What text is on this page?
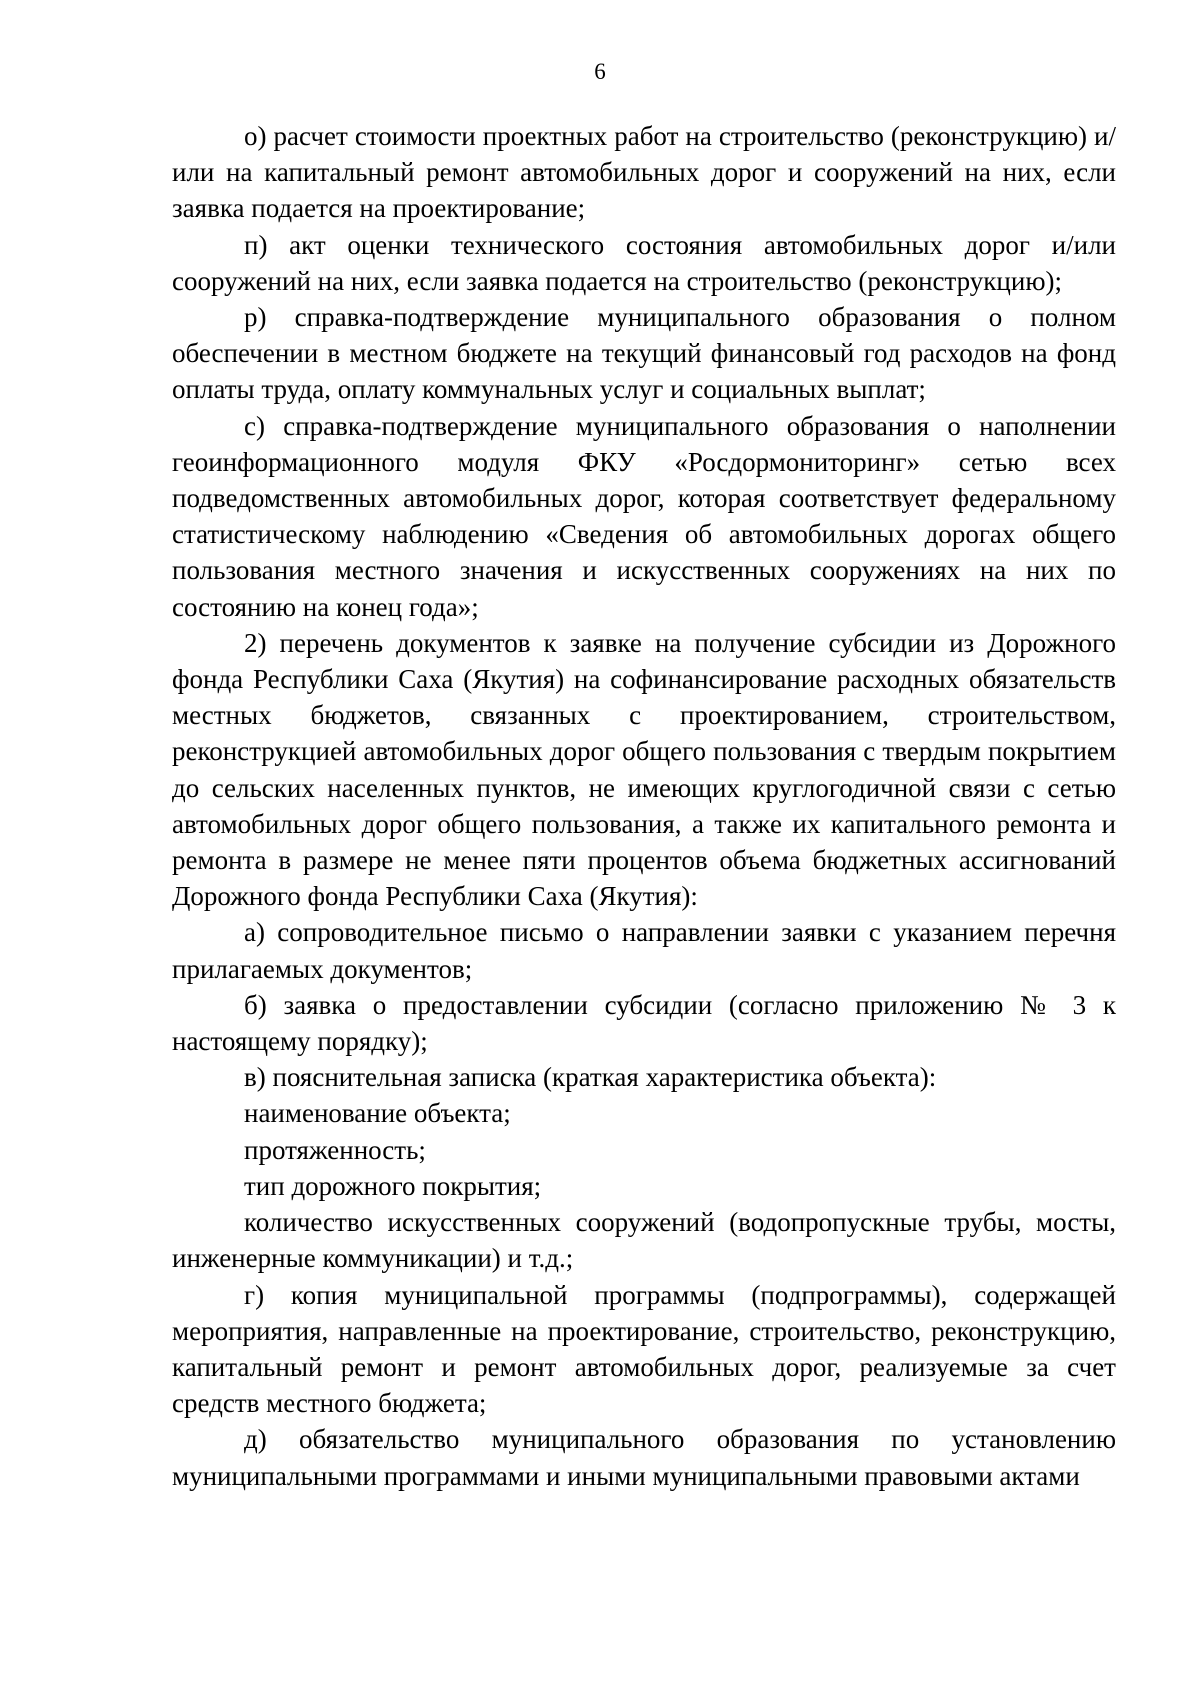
6

о) расчет стоимости проектных работ на строительство (реконструкцию) и/или на капитальный ремонт автомобильных дорог и сооружений на них, если заявка подается на проектирование;

п) акт оценки технического состояния автомобильных дорог и/или сооружений на них, если заявка подается на строительство (реконструкцию);

р) справка-подтверждение муниципального образования о полном обеспечении в местном бюджете на текущий финансовый год расходов на фонд оплаты труда, оплату коммунальных услуг и социальных выплат;

с) справка-подтверждение муниципального образования о наполнении геоинформационного модуля ФКУ «Росдормониторинг» сетью всех подведомственных автомобильных дорог, которая соответствует федеральному статистическому наблюдению «Сведения об автомобильных дорогах общего пользования местного значения и искусственных сооружениях на них по состоянию на конец года»;

2) перечень документов к заявке на получение субсидии из Дорожного фонда Республики Саха (Якутия) на софинансирование расходных обязательств местных бюджетов, связанных с проектированием, строительством, реконструкцией автомобильных дорог общего пользования с твердым покрытием до сельских населенных пунктов, не имеющих круглогодичной связи с сетью автомобильных дорог общего пользования, а также их капитального ремонта и ремонта в размере не менее пяти процентов объема бюджетных ассигнований Дорожного фонда Республики Саха (Якутия):

а) сопроводительное письмо о направлении заявки с указанием перечня прилагаемых документов;

б) заявка о предоставлении субсидии (согласно приложению № 3 к настоящему порядку);

в) пояснительная записка (краткая характеристика объекта):

наименование объекта;

протяженность;

тип дорожного покрытия;

количество искусственных сооружений (водопропускные трубы, мосты, инженерные коммуникации) и т.д.;

г) копия муниципальной программы (подпрограммы), содержащей мероприятия, направленные на проектирование, строительство, реконструкцию, капитальный ремонт и ремонт автомобильных дорог, реализуемые за счет средств местного бюджета;

д) обязательство муниципального образования по установлению муниципальными программами и иными муниципальными правовыми актами
